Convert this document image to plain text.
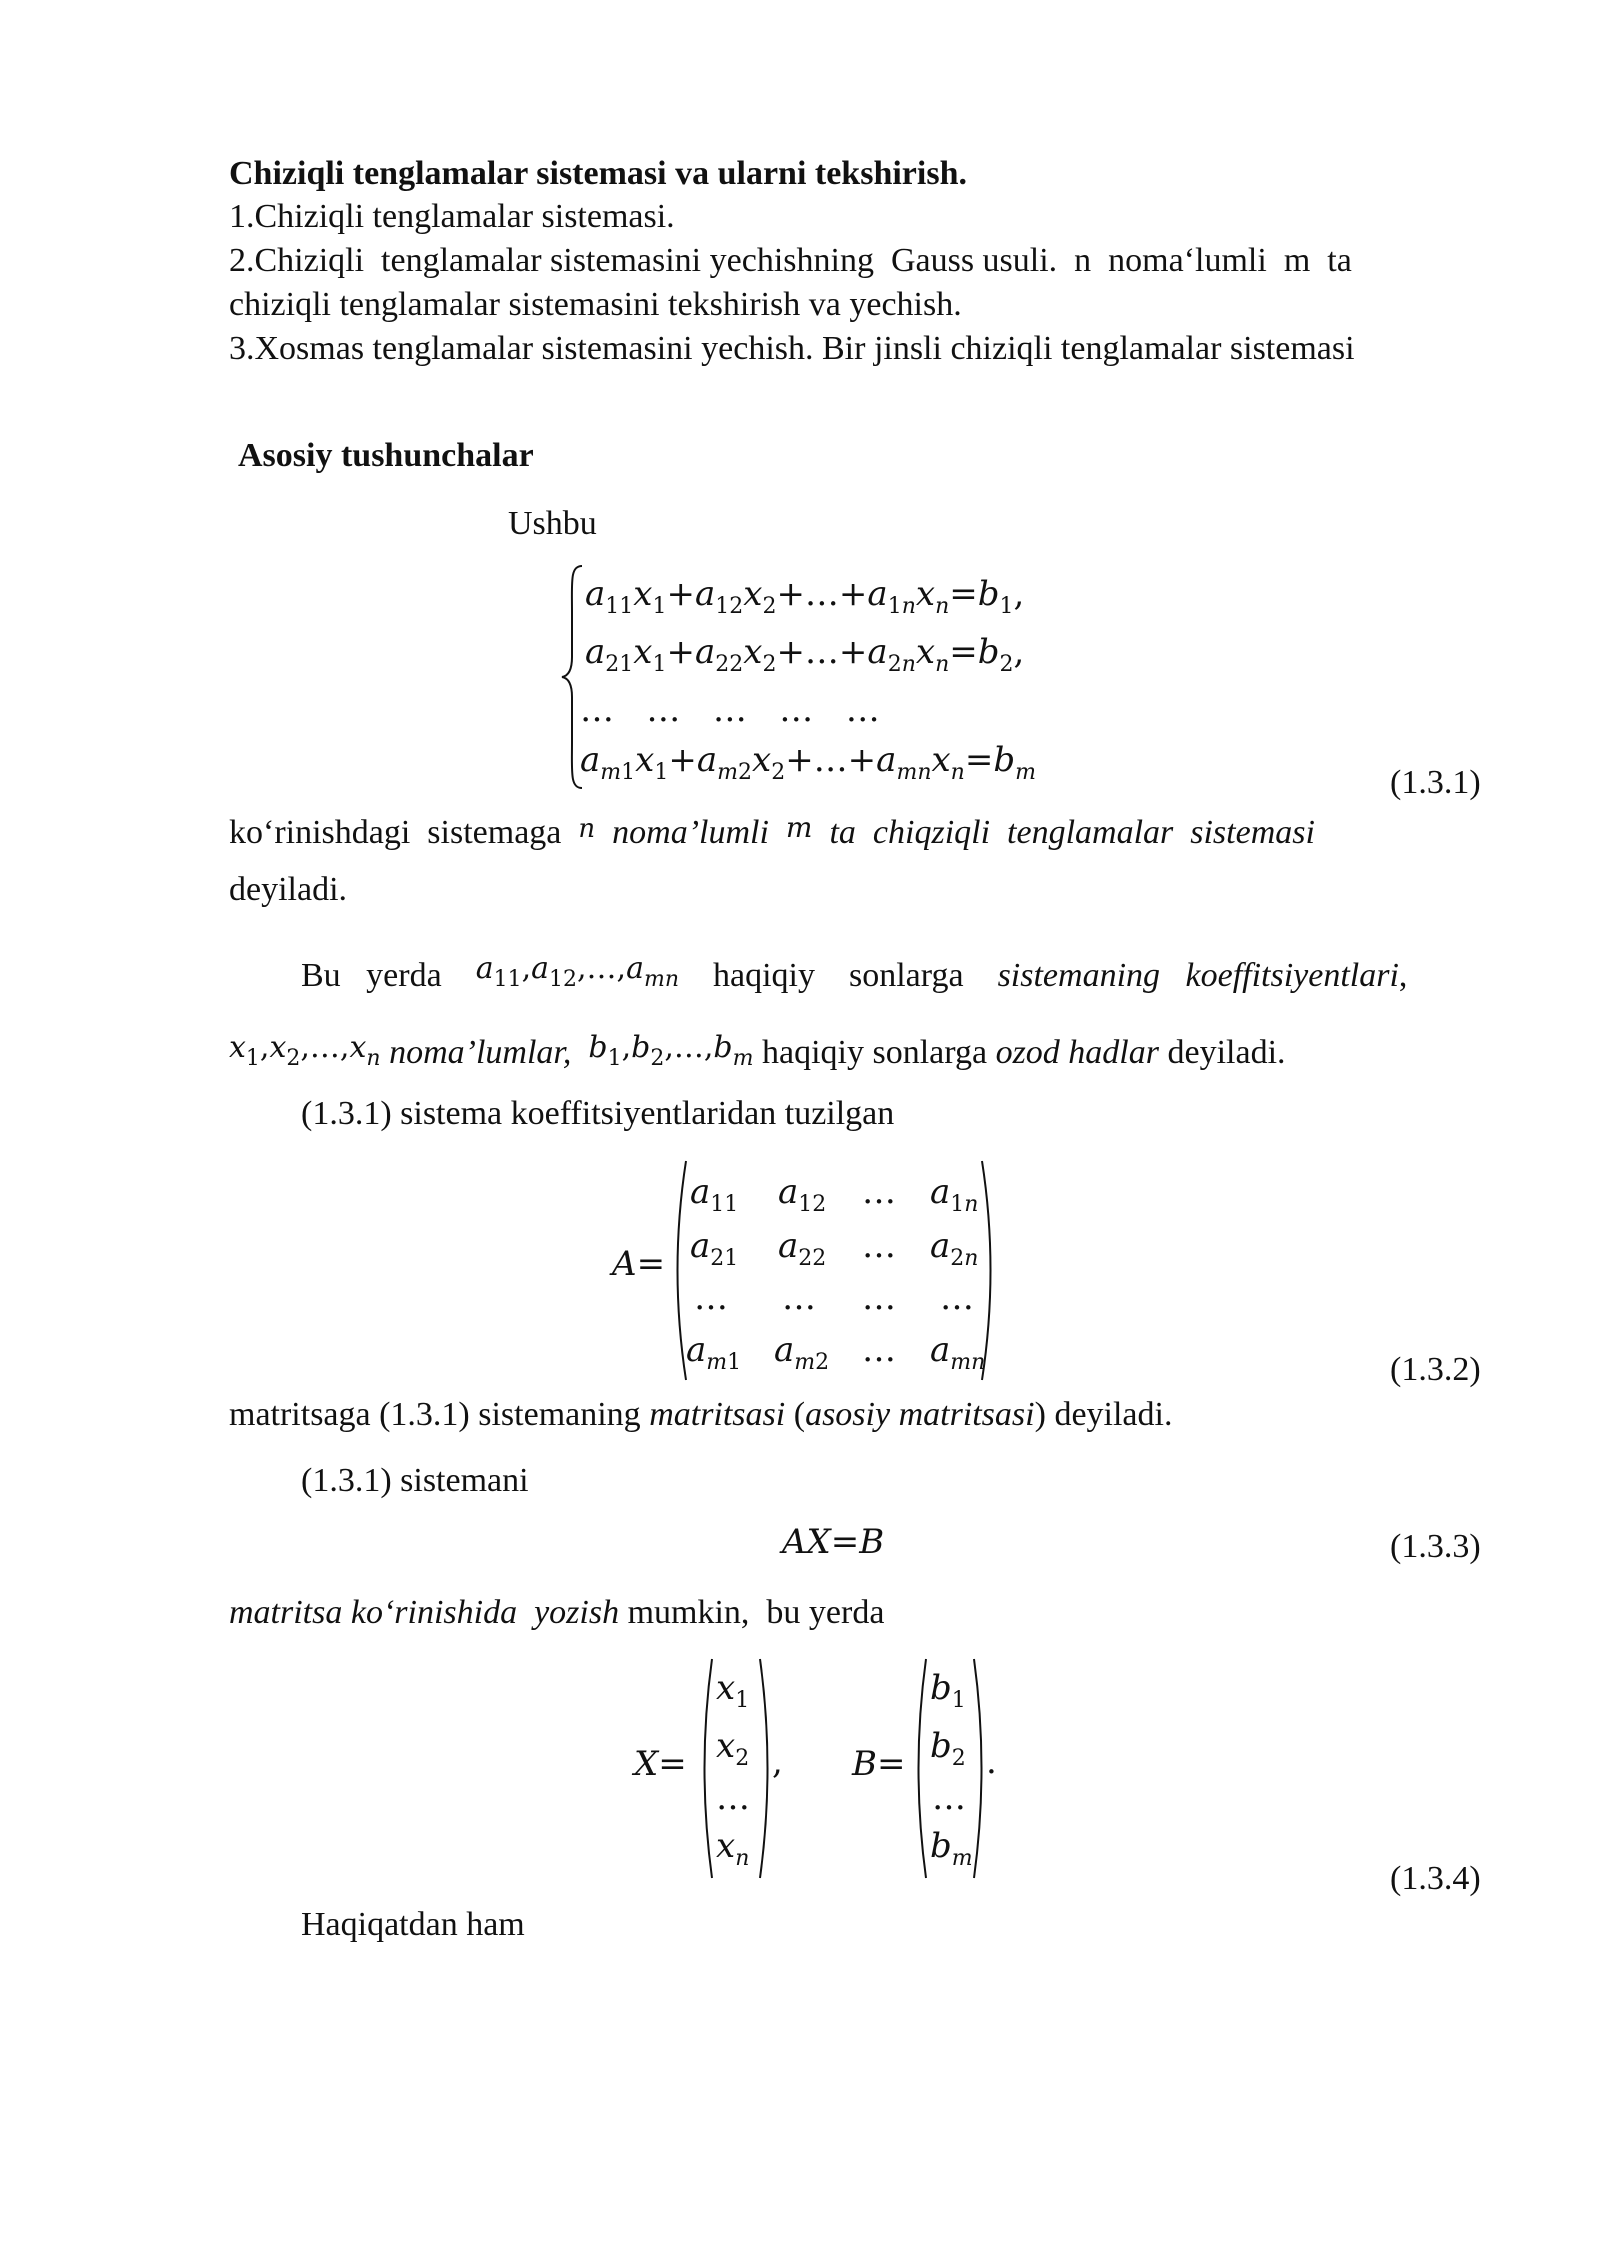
Chiziqli tenglamalar sistemasi va ularni tekshirish.
1.Chiziqli tenglamalar sistemasi.
2.Chiziqli  tenglamalar sistemasini yechishning  Gauss usuli.  n  noma‘lumli  m  ta
chiziqli tenglamalar sistemasini tekshirish va yechish.
3.Xosmas tenglamalar sistemasini yechish. Bir jinsli chiziqli tenglamalar sistemasi
Asosiy tushunchalar
Ushbu
$a_{11}x_1+a_{12}x_2+\dots+a_{1n}x_n=b_1$,
$a_{21}x_1+a_{22}x_2+\dots+a_{2n}x_n=b_2$,
…   …   …   …   …
$a_{m1}x_1+a_{m2}x_2+\dots+a_{mn}x_n=b_m$	(1.3.1)
ko‘rinishdagi  sistemaga n noma’lumli m ta  chiqziqli  tenglamalar  sistemasi
deyiladi.
Bu   yerda $a_{11},a_{12},\dots,a_{mn}$ haqiqiy    sonlarga sistemaning   koeffitsiyentlari,
$x_1,x_2,\dots,x_n$ noma’lumlar, $b_1,b_2,\dots,b_m$ haqiqiy sonlarga ozod hadlar deyiladi.
(1.3.1) sistema koeffitsiyentlaridan tuzilgan
A=
$a_{11}$ $a_{12}$ … $a_{1n}$
$a_{21}$ $a_{22}$ … $a_{2n}$
… … … …
$a_{m1}$ $a_{m2}$ … $a_{mn}$	(1.3.2)
matritsaga (1.3.1) sistemaning matritsasi (asosiy matritsasi) deyiladi.
(1.3.1) sistemani
AX=B	(1.3.3)
matritsa ko‘rinishida  yozish mumkin,  bu yerda
X=
$x_1$
$x_2$
…
$x_n$
, B=
$b_1$
$b_2$
…
$b_m$
.
(1.3.4)
Haqiqatdan ham
